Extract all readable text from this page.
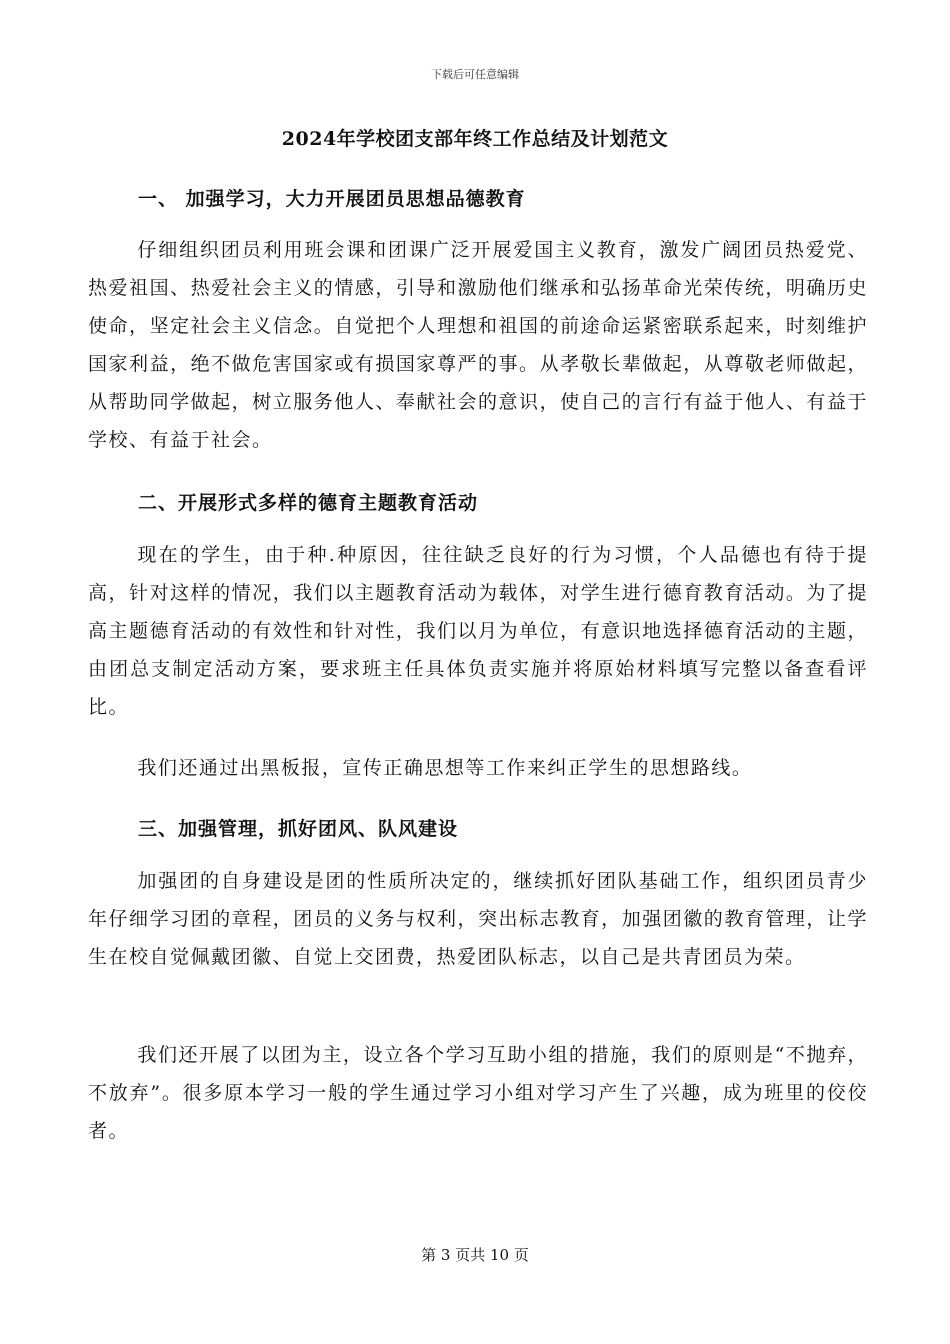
下载后可任意编辑
2024年学校团支部年终工作总结及计划范文
一、 加强学习，大力开展团员思想品德教育

仔细组织团员利用班会课和团课广泛开展爱国主义教育，激发广阔团员热爱党、热爱祖国、热爱社会主义的情感，引导和激励他们继承和弘扬革命光荣传统，明确历史使命，坚定社会主义信念。自觉把个人理想和祖国的前途命运紧密联系起来，时刻维护国家利益，绝不做危害国家或有损国家尊严的事。从孝敬长辈做起，从尊敬老师做起，从帮助同学做起，树立服务他人、奉献社会的意识，使自己的言行有益于他人、有益于学校、有益于社会。

二、开展形式多样的德育主题教育活动

现在的学生，由于种.种原因，往往缺乏良好的行为习惯，个人品德也有待于提高，针对这样的情况，我们以主题教育活动为载体，对学生进行德育教育活动。为了提高主题德育活动的有效性和针对性，我们以月为单位，有意识地选择德育活动的主题，由团总支制定活动方案，要求班主任具体负责实施并将原始材料填写完整以备查看评比。

我们还通过出黑板报，宣传正确思想等工作来纠正学生的思想路线。

三、加强管理，抓好团风、队风建设

加强团的自身建设是团的性质所决定的，继续抓好团队基础工作，组织团员青少年仔细学习团的章程，团员的义务与权利，突出标志教育，加强团徽的教育管理，让学生在校自觉佩戴团徽、自觉上交团费，热爱团队标志，以自己是共青团员为荣。

我们还开展了以团为主，设立各个学习互助小组的措施，我们的原则是“不抛弃，不放弃”。很多原本学习一般的学生通过学习小组对学习产生了兴趣，成为班里的佼佼者。

第 3 页共 10 页
